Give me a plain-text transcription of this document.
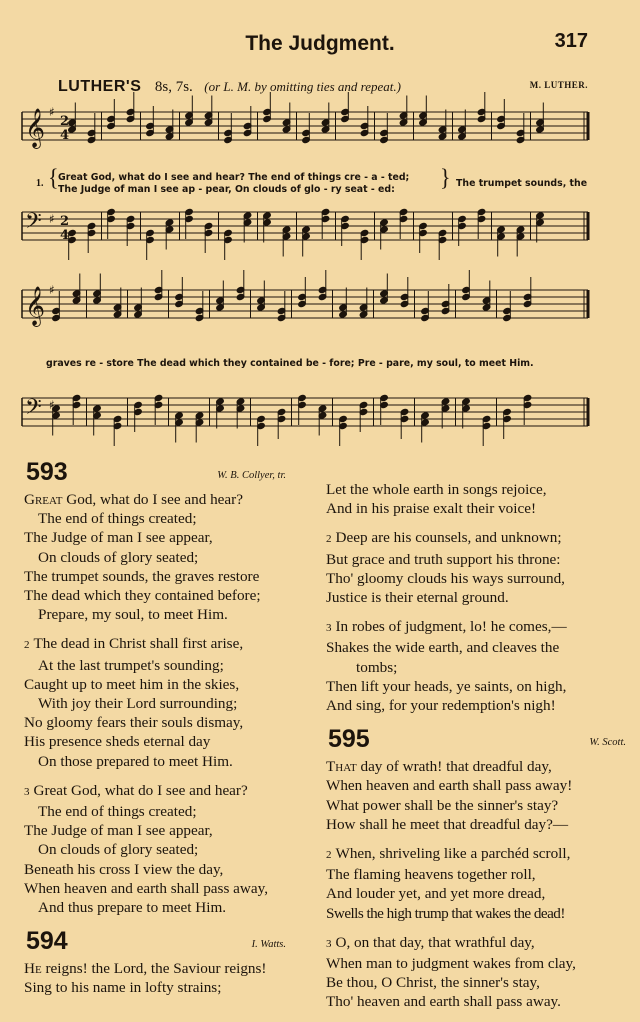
The Judgment.	317
LUTHER'S 8s, 7s. (or L. M. by omitting ties and repeat.)	M. LUTHER.
𝄞 ♯
2
4
𝄢 ♯ 2
4
𝄞 ♯
𝄢 ♯
1. {	}
Great God, what do I see and hear? The end of things cre - a - ted;
The Judge of man I see ap - pear, On clouds of glo - ry seat - ed:
The trumpet sounds, the
graves re - store The dead which they contained be - fore; Pre - pare, my soul, to meet Him.
593	W. B. Collyer, tr.
Great God, what do I see and hear?
The end of things created;
The Judge of man I see appear,
On clouds of glory seated;
The trumpet sounds, the graves restore
The dead which they contained before;
Prepare, my soul, to meet Him.
2 The dead in Christ shall first arise,
At the last trumpet's sounding;
Caught up to meet him in the skies,
With joy their Lord surrounding;
No gloomy fears their souls dismay,
His presence sheds eternal day
On those prepared to meet Him.
3 Great God, what do I see and hear?
The end of things created;
The Judge of man I see appear,
On clouds of glory seated;
Beneath his cross I view the day,
When heaven and earth shall pass away,
And thus prepare to meet Him.
594	I. Watts.
He reigns! the Lord, the Saviour reigns!
Sing to his name in lofty strains;
Let the whole earth in songs rejoice,
And in his praise exalt their voice!
2 Deep are his counsels, and unknown;
But grace and truth support his throne:
Tho' gloomy clouds his ways surround,
Justice is their eternal ground.
3 In robes of judgment, lo! he comes,—
Shakes the wide earth, and cleaves the
tombs;
Then lift your heads, ye saints, on high,
And sing, for your redemption's nigh!
595	W. Scott.
That day of wrath! that dreadful day,
When heaven and earth shall pass away!
What power shall be the sinner's stay?
How shall he meet that dreadful day?—
2 When, shriveling like a parchéd scroll,
The flaming heavens together roll,
And louder yet, and yet more dread,
Swells the high trump that wakes the dead!
3 O, on that day, that wrathful day,
When man to judgment wakes from clay,
Be thou, O Christ, the sinner's stay,
Tho' heaven and earth shall pass away.
